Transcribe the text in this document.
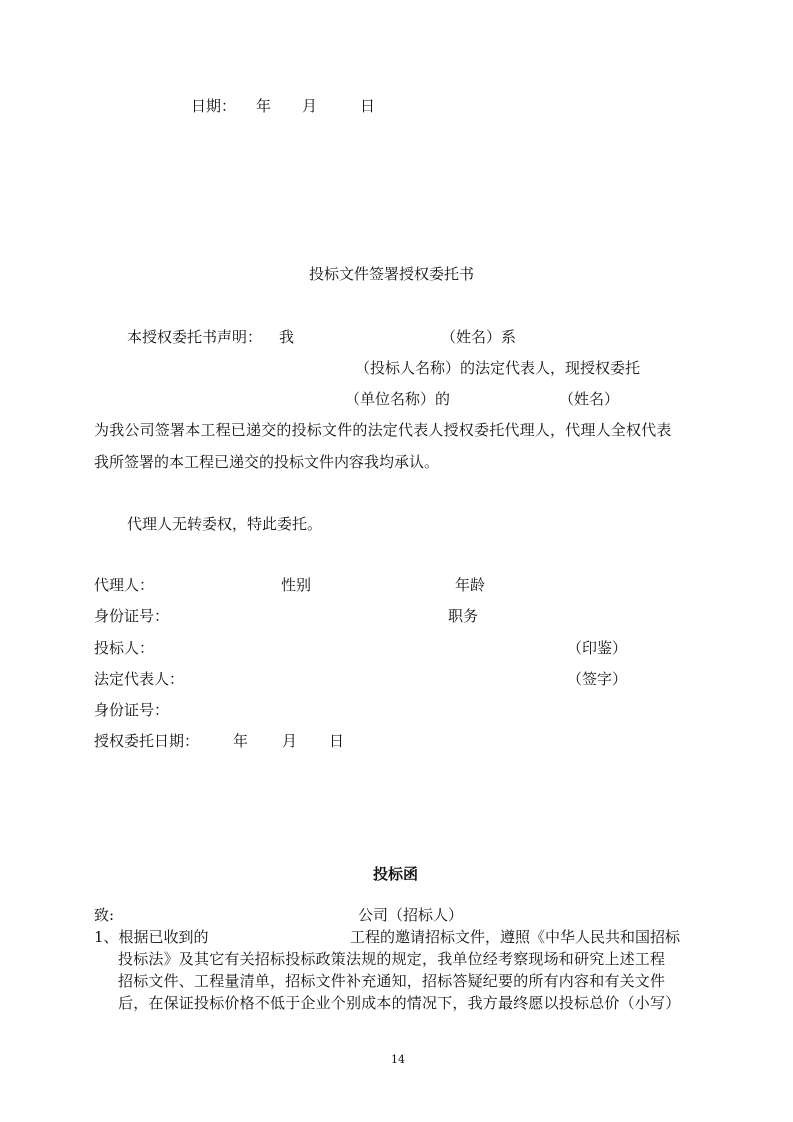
日期： 年 月	日
投标文件签署授权委托书
本授权委托书声明： 我	（姓名）系
（投标人名称）的法定代表人，现授权委托
（单位名称）的	（姓名）
为我公司签署本工程已递交的投标文件的法定代表人授权委托代理人，代理人全权代表
我所签署的本工程已递交的投标文件内容我均承认。
代理人无转委权，特此委托。
代理人：	性别	年龄
身份证号：	职务
投标人：	（印鉴）
法定代表人：	（签字）
身份证号：
授权委托日期： 年 月 日
投标函
致:	公司（招标人）
1、根据已收到的	工程的邀请招标文件，遵照《中华人民共和国招标
投标法》及其它有关招标投标政策法规的规定，我单位经考察现场和研究上述工程
招标文件、工程量清单，招标文件补充通知，招标答疑纪要的所有内容和有关文件
后，在保证投标价格不低于企业个别成本的情况下，我方最终愿以投标总价（小写）
14
